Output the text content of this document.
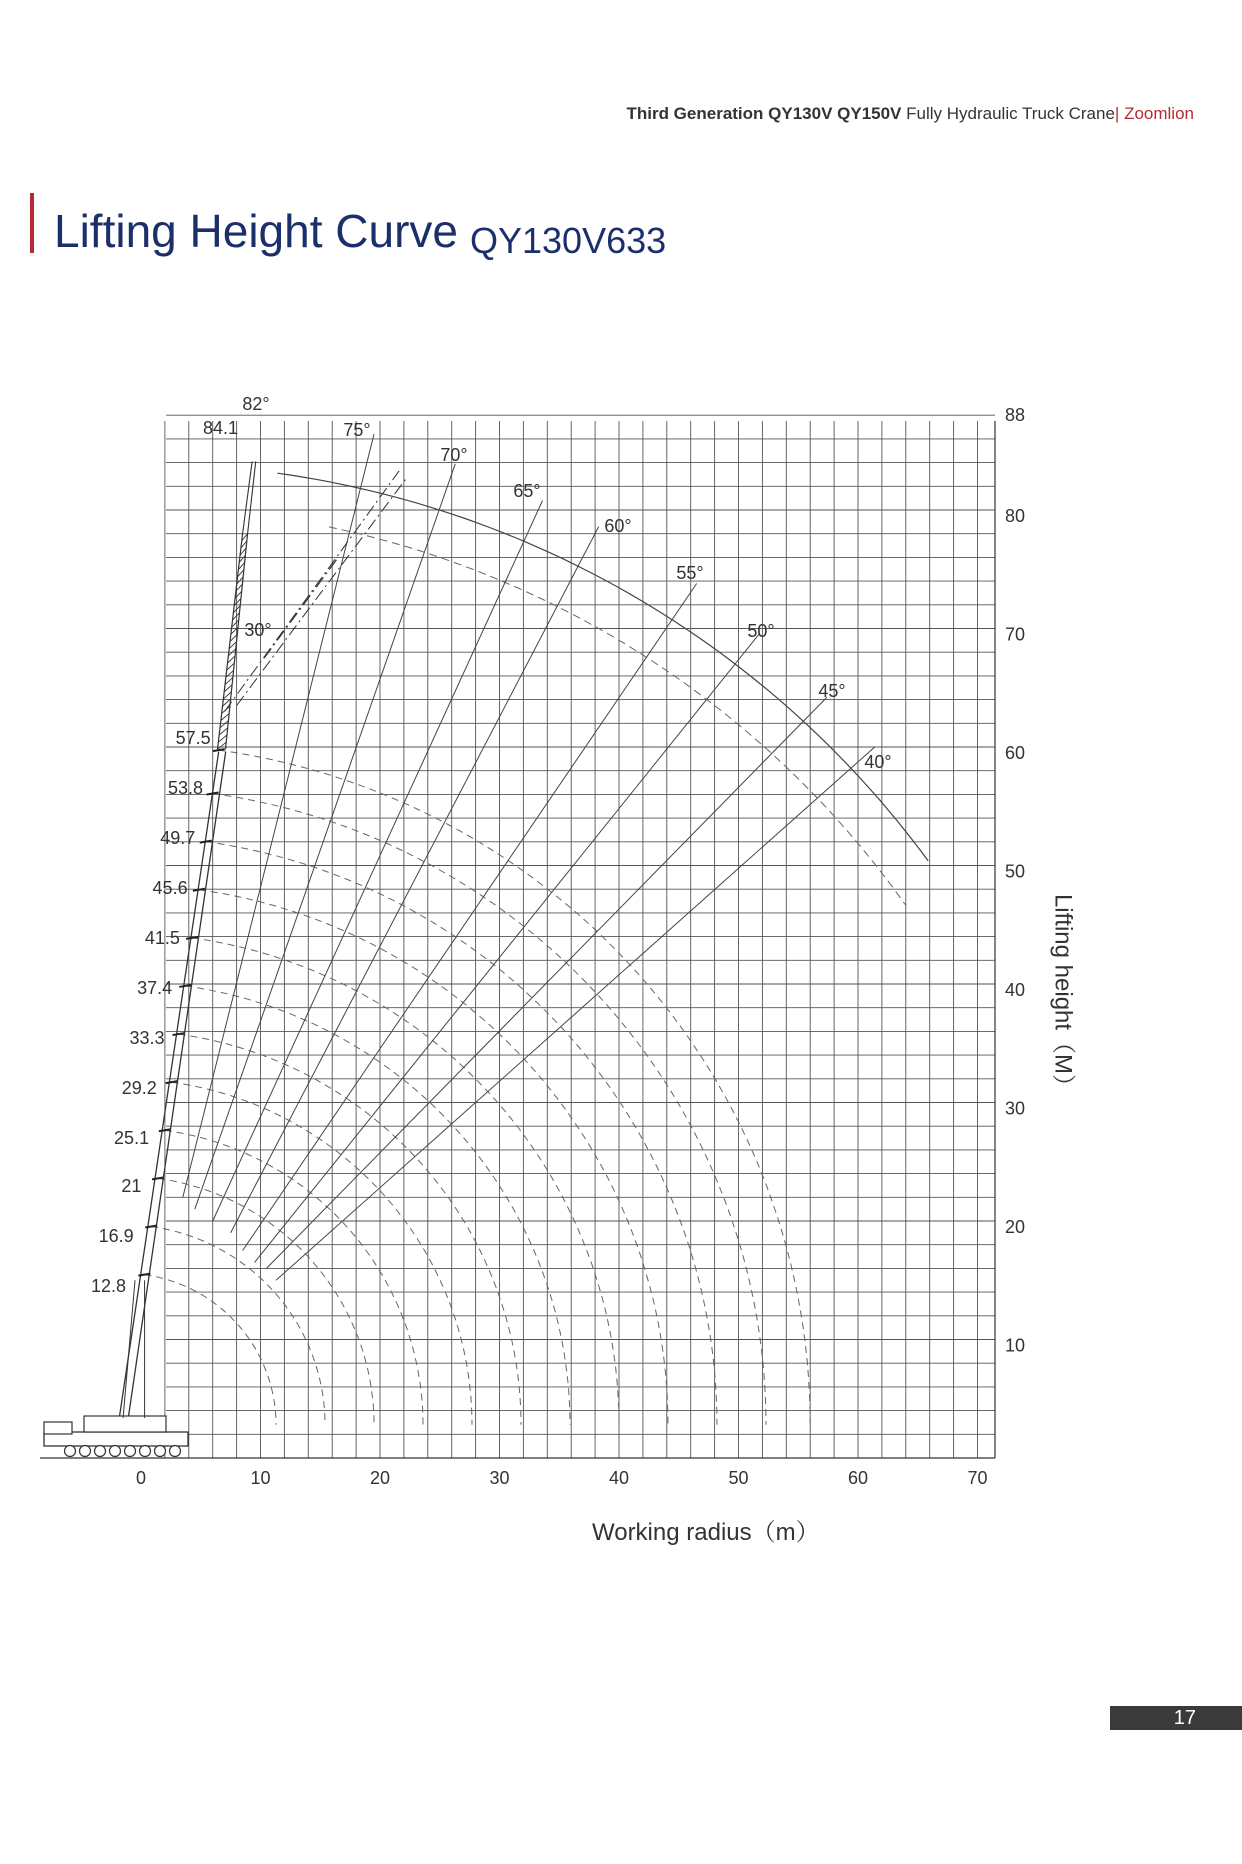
Third Generation QY130V QY150V Fully Hydraulic Truck Crane| Zoomlion
Lifting Height Curve QY130V633
10
20
30
40
50
60
70
80
88
0	10	20	30	40	50	60	70
12.8
16.9
21
25.1
29.2
33.3
37.4
41.5
45.6
49.7
53.8
57.5
84.1
82°
75°
70°
65°
60°
55°
50°
45°
40°
30°
Lifting height（M）
Working radius（m）
17
